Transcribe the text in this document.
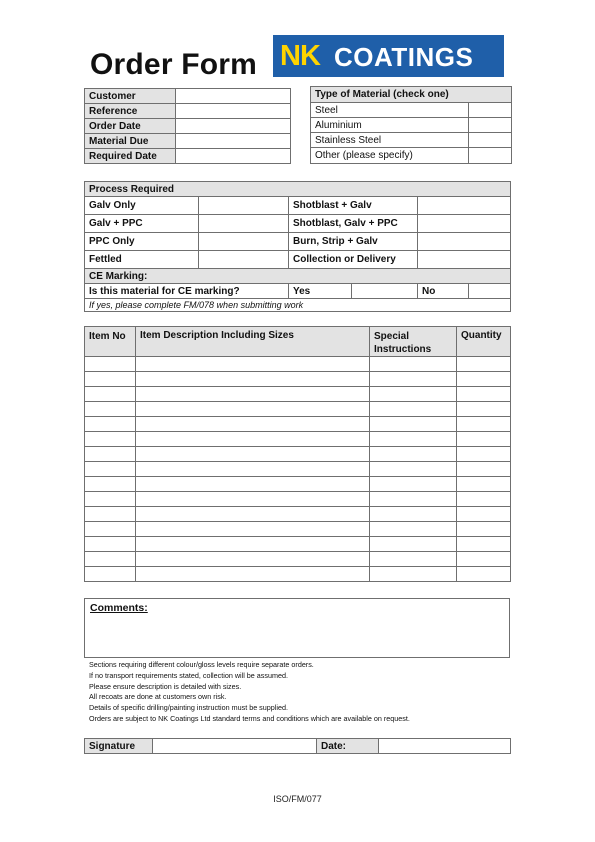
Order Form NK COATINGS
Customer	
Reference	
Order Date	
Material Due	
Required Date	
Type of Material (check one)	
Steel	
Aluminium	
Stainless Steel	
Other (please specify)	
Process Required					
Galv Only		Shotblast + Galv			
Galv + PPC		Shotblast, Galv + PPC			
PPC Only		Burn, Strip + Galv			
Fettled		Collection or Delivery			
CE Marking:					
Is this material for CE marking?		Yes		No	
If yes, please complete FM/078 when submitting work					
Item No	Item Description Including Sizes	Special Instructions	Quantity

Comments:
Sections requiring different colour/gloss levels require separate orders.
If no transport requirements stated, collection will be assumed.
Please ensure description is detailed with sizes.
All recoats are done at customers own risk.
Details of specific drilling/painting instruction must be supplied.
Orders are subject to NK Coatings Ltd standard terms and conditions which are available on request.
Signature		Date:	
ISO/FM/077
